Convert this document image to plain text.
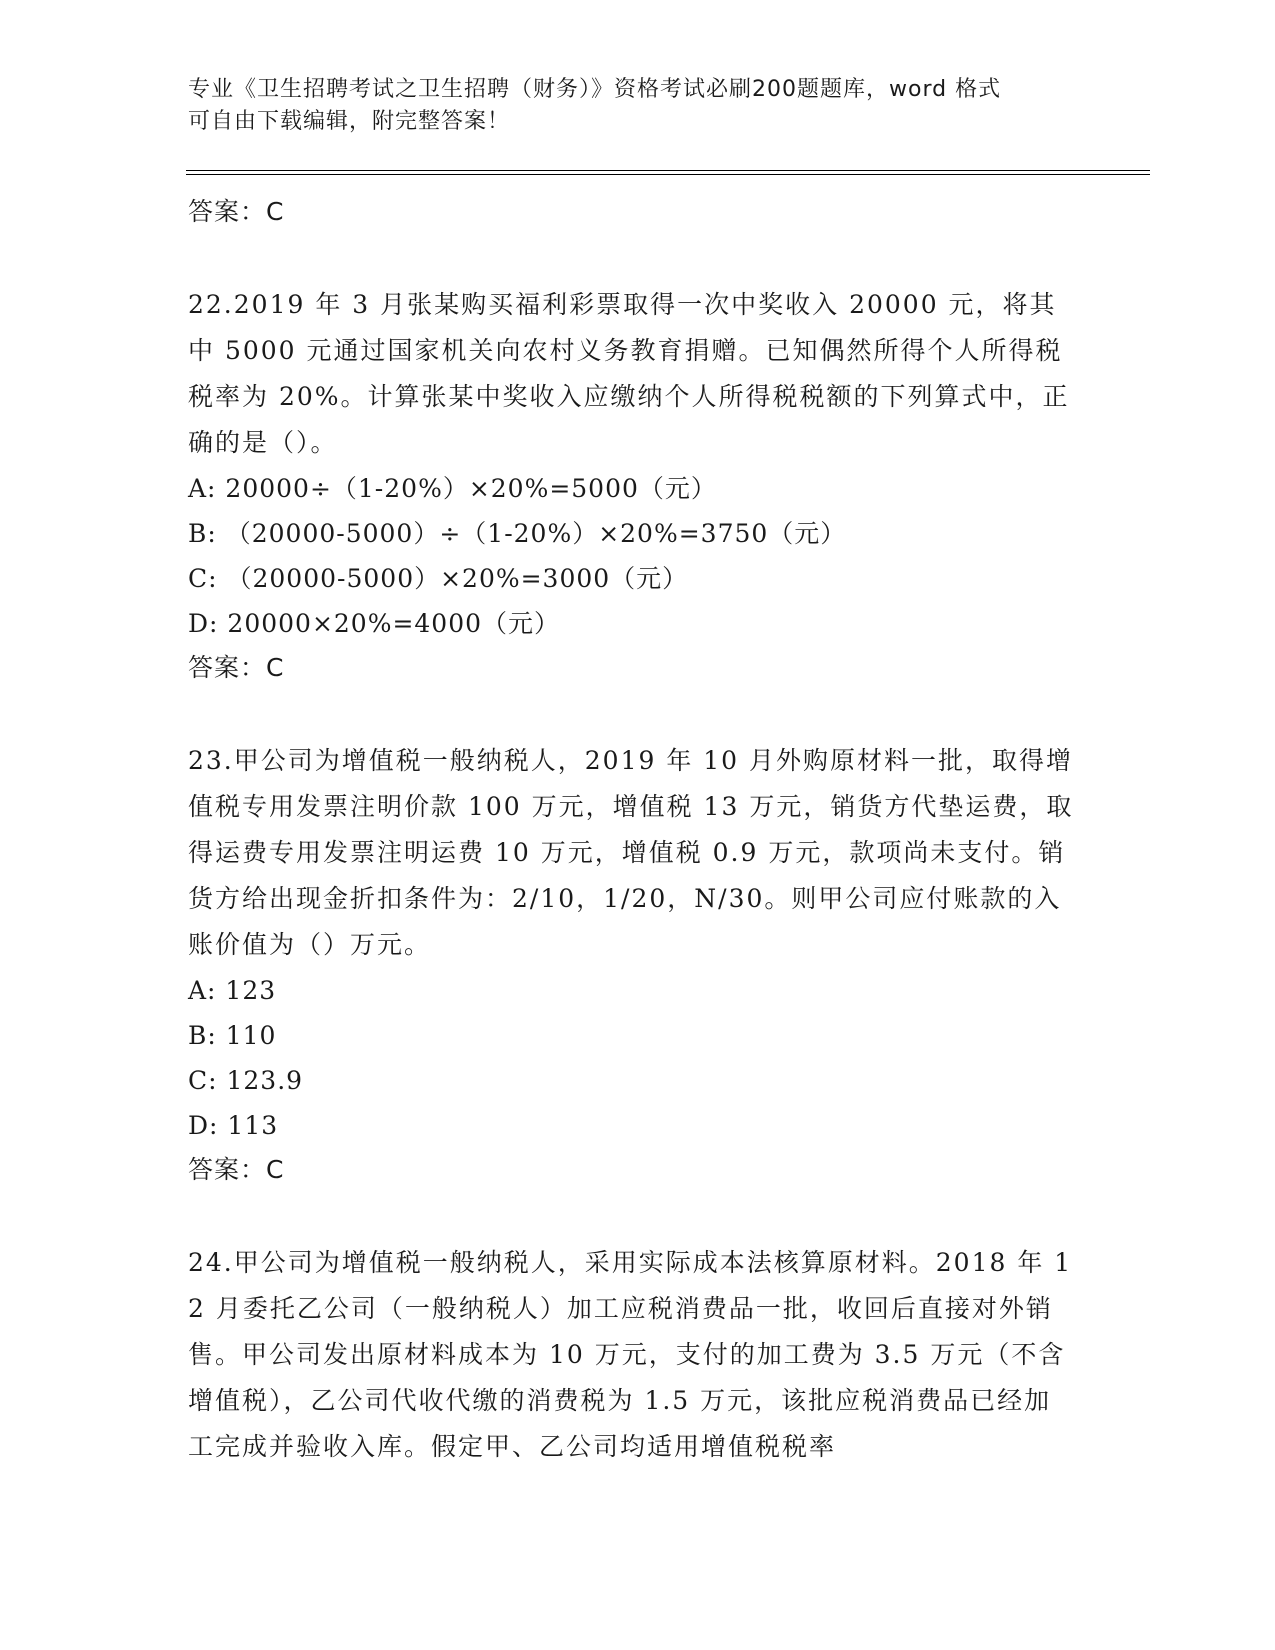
专业《卫生招聘考试之卫生招聘（财务）》资格考试必刷200题题库，word 格式
可自由下载编辑，附完整答案！
答案：C
22.2019 年 3 月张某购买福利彩票取得一次中奖收入 20000 元，将其中 5000 元通过国家机关向农村义务教育捐赠。已知偶然所得个人所得税税率为 20%。计算张某中奖收入应缴纳个人所得税税额的下列算式中，正确的是（）。
A: 20000÷（1-20%）×20%=5000（元）
B: （20000-5000）÷（1-20%）×20%=3750（元）
C: （20000-5000）×20%=3000（元）
D: 20000×20%=4000（元）
答案：C
23.甲公司为增值税一般纳税人，2019 年 10 月外购原材料一批，取得增值税专用发票注明价款 100 万元，增值税 13 万元，销货方代垫运费，取得运费专用发票注明运费 10 万元，增值税 0.9 万元，款项尚未支付。销货方给出现金折扣条件为：2/10，1/20，N/30。则甲公司应付账款的入账价值为（）万元。
A: 123
B: 110
C: 123.9
D: 113
答案：C
24.甲公司为增值税一般纳税人，采用实际成本法核算原材料。2018 年 12 月委托乙公司（一般纳税人）加工应税消费品一批，收回后直接对外销售。甲公司发出原材料成本为 10 万元，支付的加工费为 3.5 万元（不含增值税），乙公司代收代缴的消费税为 1.5 万元，该批应税消费品已经加工完成并验收入库。假定甲、乙公司均适用增值税税率
